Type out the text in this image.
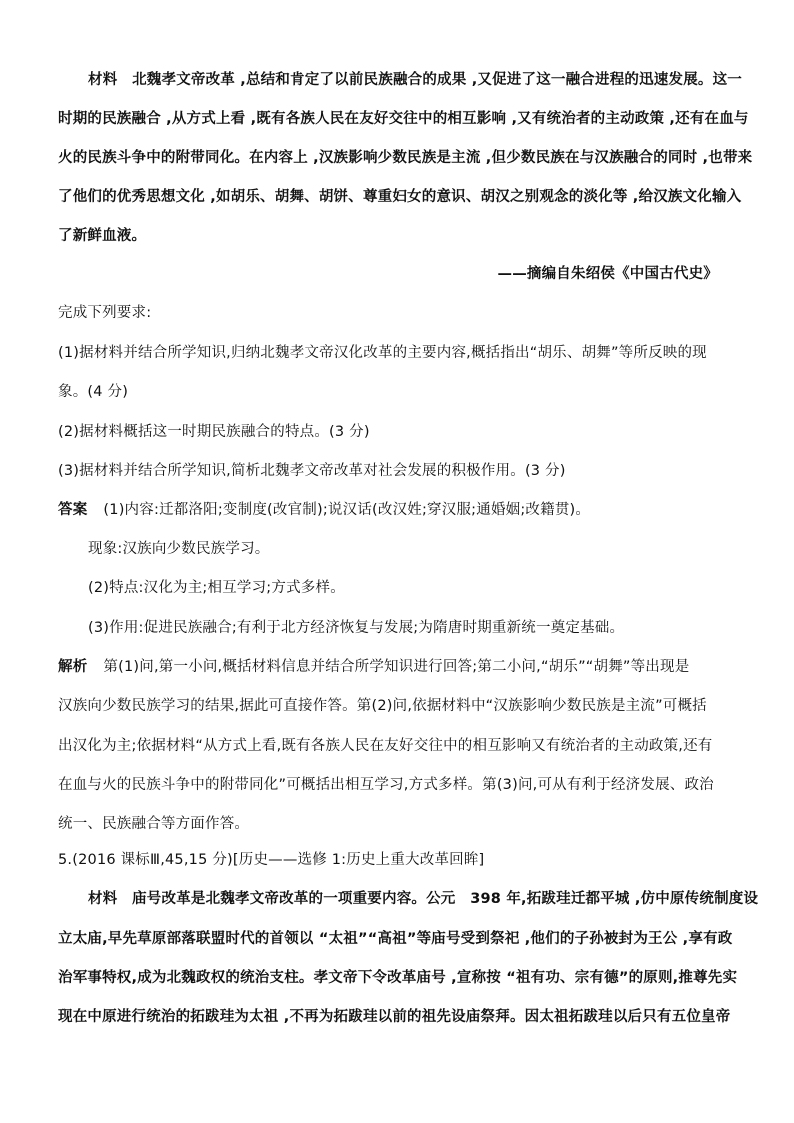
材料　北魏孝文帝改革 ,总结和肯定了以前民族融合的成果 ,又促进了这一融合进程的迅速发展。这一
时期的民族融合 ,从方式上看 ,既有各族人民在友好交往中的相互影响 ,又有统治者的主动政策 ,还有在血与
火的民族斗争中的附带同化。在内容上 ,汉族影响少数民族是主流 ,但少数民族在与汉族融合的同时 ,也带来
了他们的优秀思想文化 ,如胡乐、胡舞、胡饼、尊重妇女的意识、胡汉之别观念的淡化等 ,给汉族文化输入
了新鲜血液。
——摘编自朱绍侯《中国古代史》
完成下列要求:
(1)据材料并结合所学知识,归纳北魏孝文帝汉化改革的主要内容,概括指出“胡乐、胡舞”等所反映的现
象。(4 分)
(2)据材料概括这一时期民族融合的特点。(3 分)
(3)据材料并结合所学知识,简析北魏孝文帝改革对社会发展的积极作用。(3 分)
答案 (1)内容:迁都洛阳;变制度(改官制);说汉话(改汉姓;穿汉服;通婚姻;改籍贯)。
现象:汉族向少数民族学习。
(2)特点:汉化为主;相互学习;方式多样。
(3)作用:促进民族融合;有利于北方经济恢复与发展;为隋唐时期重新统一奠定基础。
解析 第(1)问,第一小问,概括材料信息并结合所学知识进行回答;第二小问,“胡乐”“胡舞”等出现是
汉族向少数民族学习的结果,据此可直接作答。第(2)问,依据材料中“汉族影响少数民族是主流”可概括
出汉化为主;依据材料“从方式上看,既有各族人民在友好交往中的相互影响又有统治者的主动政策,还有
在血与火的民族斗争中的附带同化”可概括出相互学习,方式多样。第(3)问,可从有利于经济发展、政治
统一、民族融合等方面作答。
5.(2016 课标Ⅲ,45,15 分)[历史——选修 1:历史上重大改革回眸]
材料　庙号改革是北魏孝文帝改革的一项重要内容。公元　398 年,拓跋珪迁都平城 ,仿中原传统制度设
立太庙,早先草原部落联盟时代的首领以 “太祖”“高祖”等庙号受到祭祀 ,他们的子孙被封为王公 ,享有政
治军事特权,成为北魏政权的统治支柱。孝文帝下令改革庙号 ,宣称按 “祖有功、宗有德”的原则,推尊先实
现在中原进行统治的拓跋珪为太祖 ,不再为拓跋珪以前的祖先设庙祭拜。因太祖拓跋珪以后只有五位皇帝
